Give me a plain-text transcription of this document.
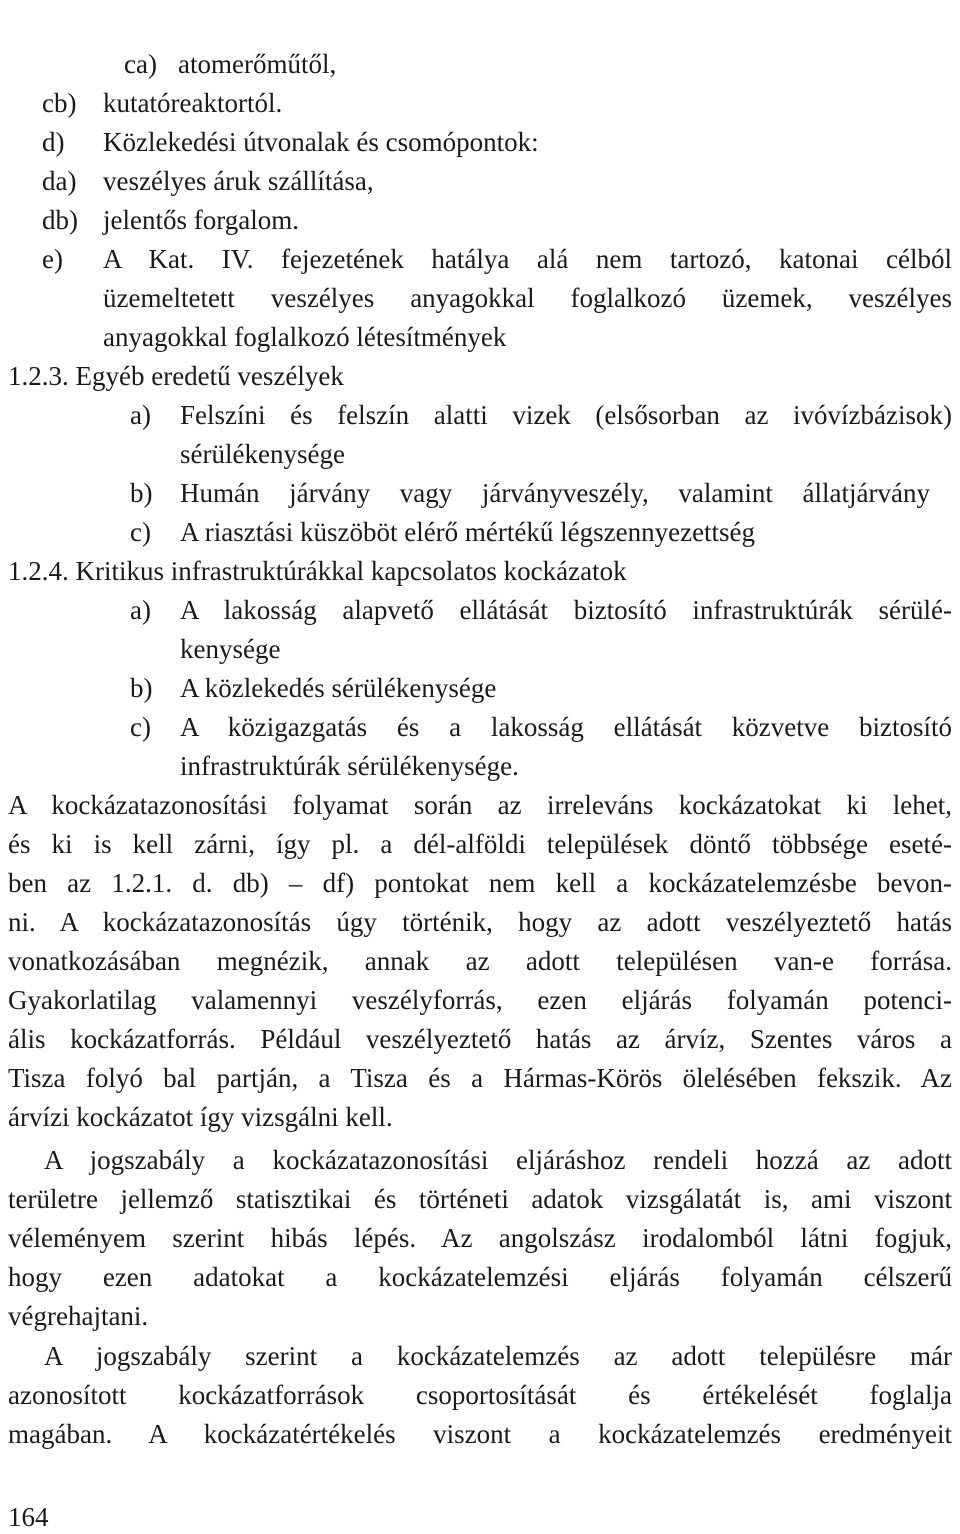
ca) atomerőműtől,
cb) kutatóreaktortól.
d) Közlekedési útvonalak és csomópontok:
da) veszélyes áruk szállítása,
db) jelentős forgalom.
e) A Kat. IV. fejezetének hatálya alá nem tartozó, katonai célból
üzemeltetett veszélyes anyagokkal foglalkozó üzemek, veszélyes
anyagokkal foglalkozó létesítmények
1.2.3. Egyéb eredetű veszélyek
a) Felszíni és felszín alatti vizek (elsősorban az ivóvízbázisok)
sérülékenysége
b) Humán járvány vagy járványveszély, valamint állatjárvány
c) A riasztási küszöböt elérő mértékű légszennyezettség
1.2.4. Kritikus infrastruktúrákkal kapcsolatos kockázatok
a) A lakosság alapvető ellátását biztosító infrastruktúrák sérülé-
kenysége
b) A közlekedés sérülékenysége
c) A közigazgatás és a lakosság ellátását közvetve biztosító
infrastruktúrák sérülékenysége.
A kockázatazonosítási folyamat során az irreleváns kockázatokat ki lehet,
és ki is kell zárni, így pl. a dél-alföldi települések döntő többsége eseté-
ben az 1.2.1. d. db) – df) pontokat nem kell a kockázatelemzésbe bevon-
ni. A kockázatazonosítás úgy történik, hogy az adott veszélyeztető hatás
vonatkozásában megnézik, annak az adott településen van-e forrása.
Gyakorlatilag valamennyi veszélyforrás, ezen eljárás folyamán potenci-
ális kockázatforrás. Például veszélyeztető hatás az árvíz, Szentes város a
Tisza folyó bal partján, a Tisza és a Hármas-Körös ölelésében fekszik. Az
árvízi kockázatot így vizsgálni kell.
A jogszabály a kockázatazonosítási eljáráshoz rendeli hozzá az adott
területre jellemző statisztikai és történeti adatok vizsgálatát is, ami viszont
véleményem szerint hibás lépés. Az angolszász irodalomból látni fogjuk,
hogy ezen adatokat a kockázatelemzési eljárás folyamán célszerű
végrehajtani.
A jogszabály szerint a kockázatelemzés az adott településre már
azonosított kockázatforrások csoportosítását és értékelését foglalja
magában. A kockázatértékelés viszont a kockázatelemzés eredményeit
164
